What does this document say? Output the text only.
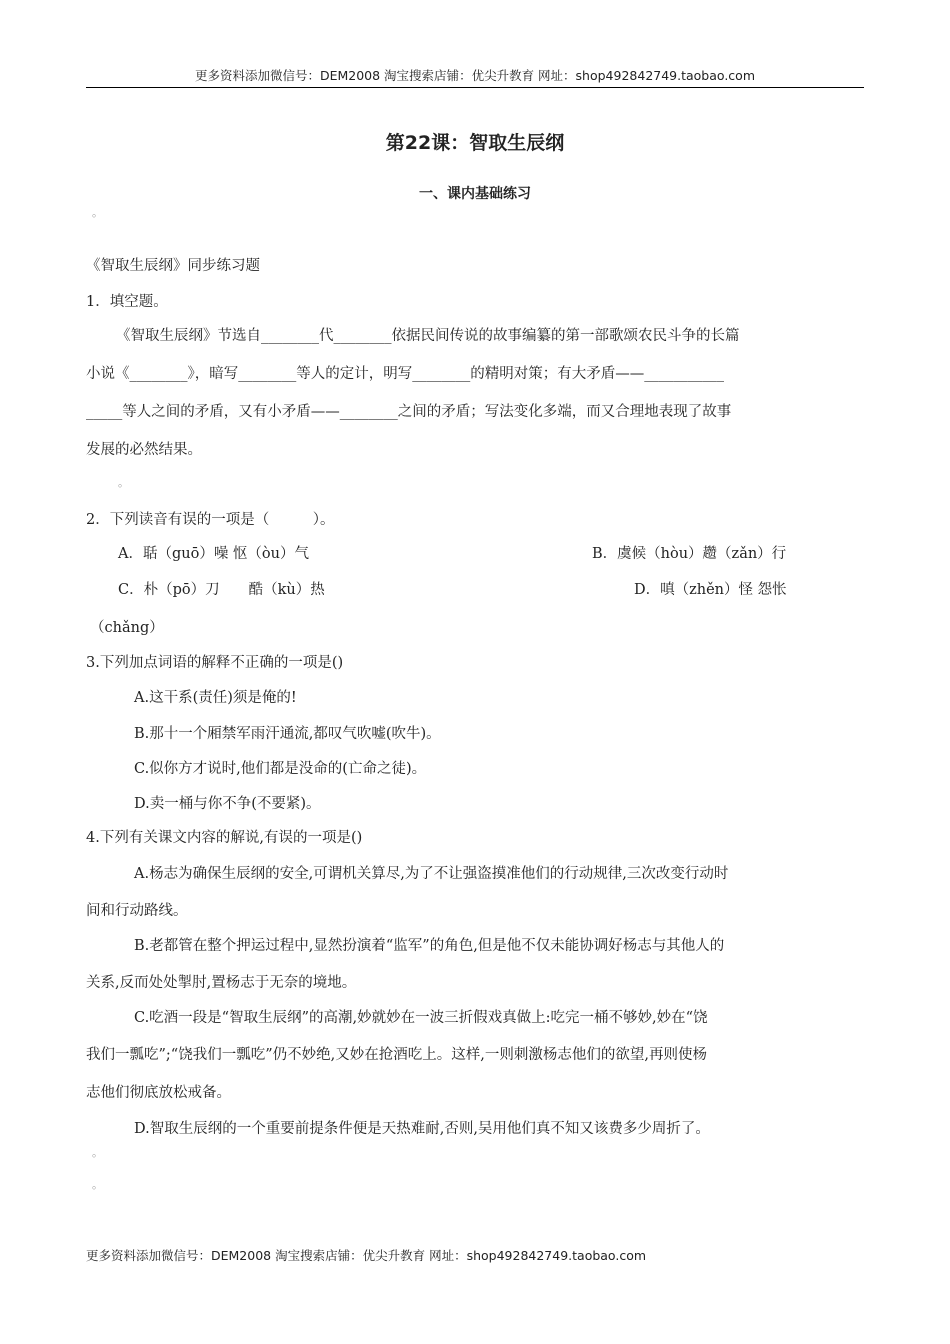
更多资料添加微信号：DEM2008 淘宝搜索店铺：优尖升教育 网址：shop492842749.taobao.com
第22课：智取生辰纲
一、课内基础练习
。
《智取生辰纲》同步练习题
1．填空题。
《智取生辰纲》节选自________代________依据民间传说的故事编纂的第一部歌颂农民斗争的长篇
小说《________》，暗写________等人的定计，明写________的精明对策；有大矛盾——___________
_____等人之间的矛盾，又有小矛盾——________之间的矛盾；写法变化多端，而又合理地表现了故事
发展的必然结果。
。
2．下列读音有误的一项是（　　　）。
A．聒（guō）噪 怄（òu）气	B．虞候（hòu）趱（zǎn）行
C．朴（pō）刀　　酷（kù）热	D．嗔（zhěn）怪 怨怅
（chǎng）
3.下列加点词语的解释不正确的一项是()
A.这干系(责任)须是俺的!
B.那十一个厢禁军雨汗通流,都叹气吹嘘(吹牛)。
C.似你方才说时,他们都是没命的(亡命之徒)。
D.卖一桶与你不争(不要紧)。
4.下列有关课文内容的解说,有误的一项是()
A.杨志为确保生辰纲的安全,可谓机关算尽,为了不让强盗摸准他们的行动规律,三次改变行动时
间和行动路线。
B.老都管在整个押运过程中,显然扮演着“监军”的角色,但是他不仅未能协调好杨志与其他人的
关系,反而处处掣肘,置杨志于无奈的境地。
C.吃酒一段是“智取生辰纲”的高潮,妙就妙在一波三折假戏真做上:吃完一桶不够妙,妙在“饶
我们一瓢吃”;“饶我们一瓢吃”仍不妙绝,又妙在抢酒吃上。这样,一则刺激杨志他们的欲望,再则使杨
志他们彻底放松戒备。
D.智取生辰纲的一个重要前提条件便是天热难耐,否则,吴用他们真不知又该费多少周折了。
。
。
更多资料添加微信号：DEM2008 淘宝搜索店铺：优尖升教育 网址：shop492842749.taobao.com
